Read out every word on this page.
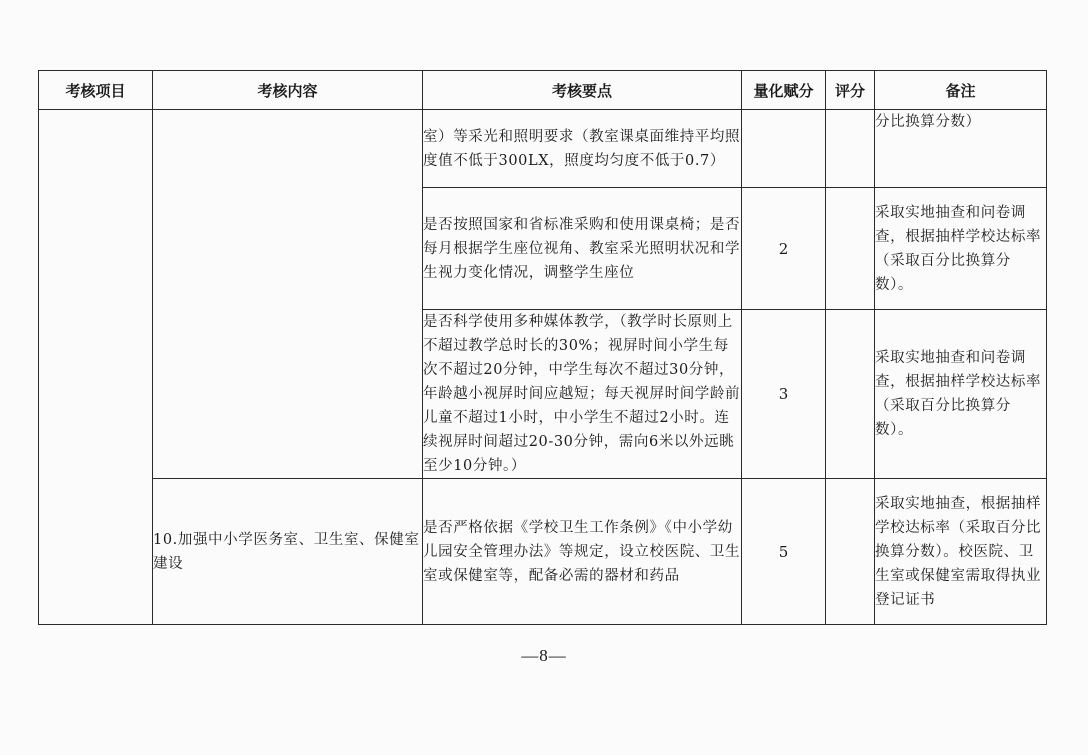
考核项目	考核内容	考核要点	量化赋分	评分	备注
		室）等采光和照明要求（教室课桌面维持平均照度值不低于300LX，照度均匀度不低于0.7）			分比换算分数）
		是否按照国家和省标准采购和使用课桌椅；是否每月根据学生座位视角、教室采光照明状况和学生视力变化情况，调整学生座位	2		采取实地抽查和问卷调查，根据抽样学校达标率（采取百分比换算分数）。
		是否科学使用多种媒体教学，（教学时长原则上不超过教学总时长的30%；视屏时间小学生每次不超过20分钟，中学生每次不超过30分钟，年龄越小视屏时间应越短；每天视屏时间学龄前儿童不超过1小时，中小学生不超过2小时。连续视屏时间超过20-30分钟，需向6米以外远眺至少10分钟。）	3		采取实地抽查和问卷调查，根据抽样学校达标率（采取百分比换算分数）。
	10.加强中小学医务室、卫生室、保健室建设	是否严格依据《学校卫生工作条例》《中小学幼儿园安全管理办法》等规定，设立校医院、卫生室或保健室等，配备必需的器材和药品	5		采取实地抽查，根据抽样学校达标率（采取百分比换算分数）。校医院、卫生室或保健室需取得执业登记证书
—8—
